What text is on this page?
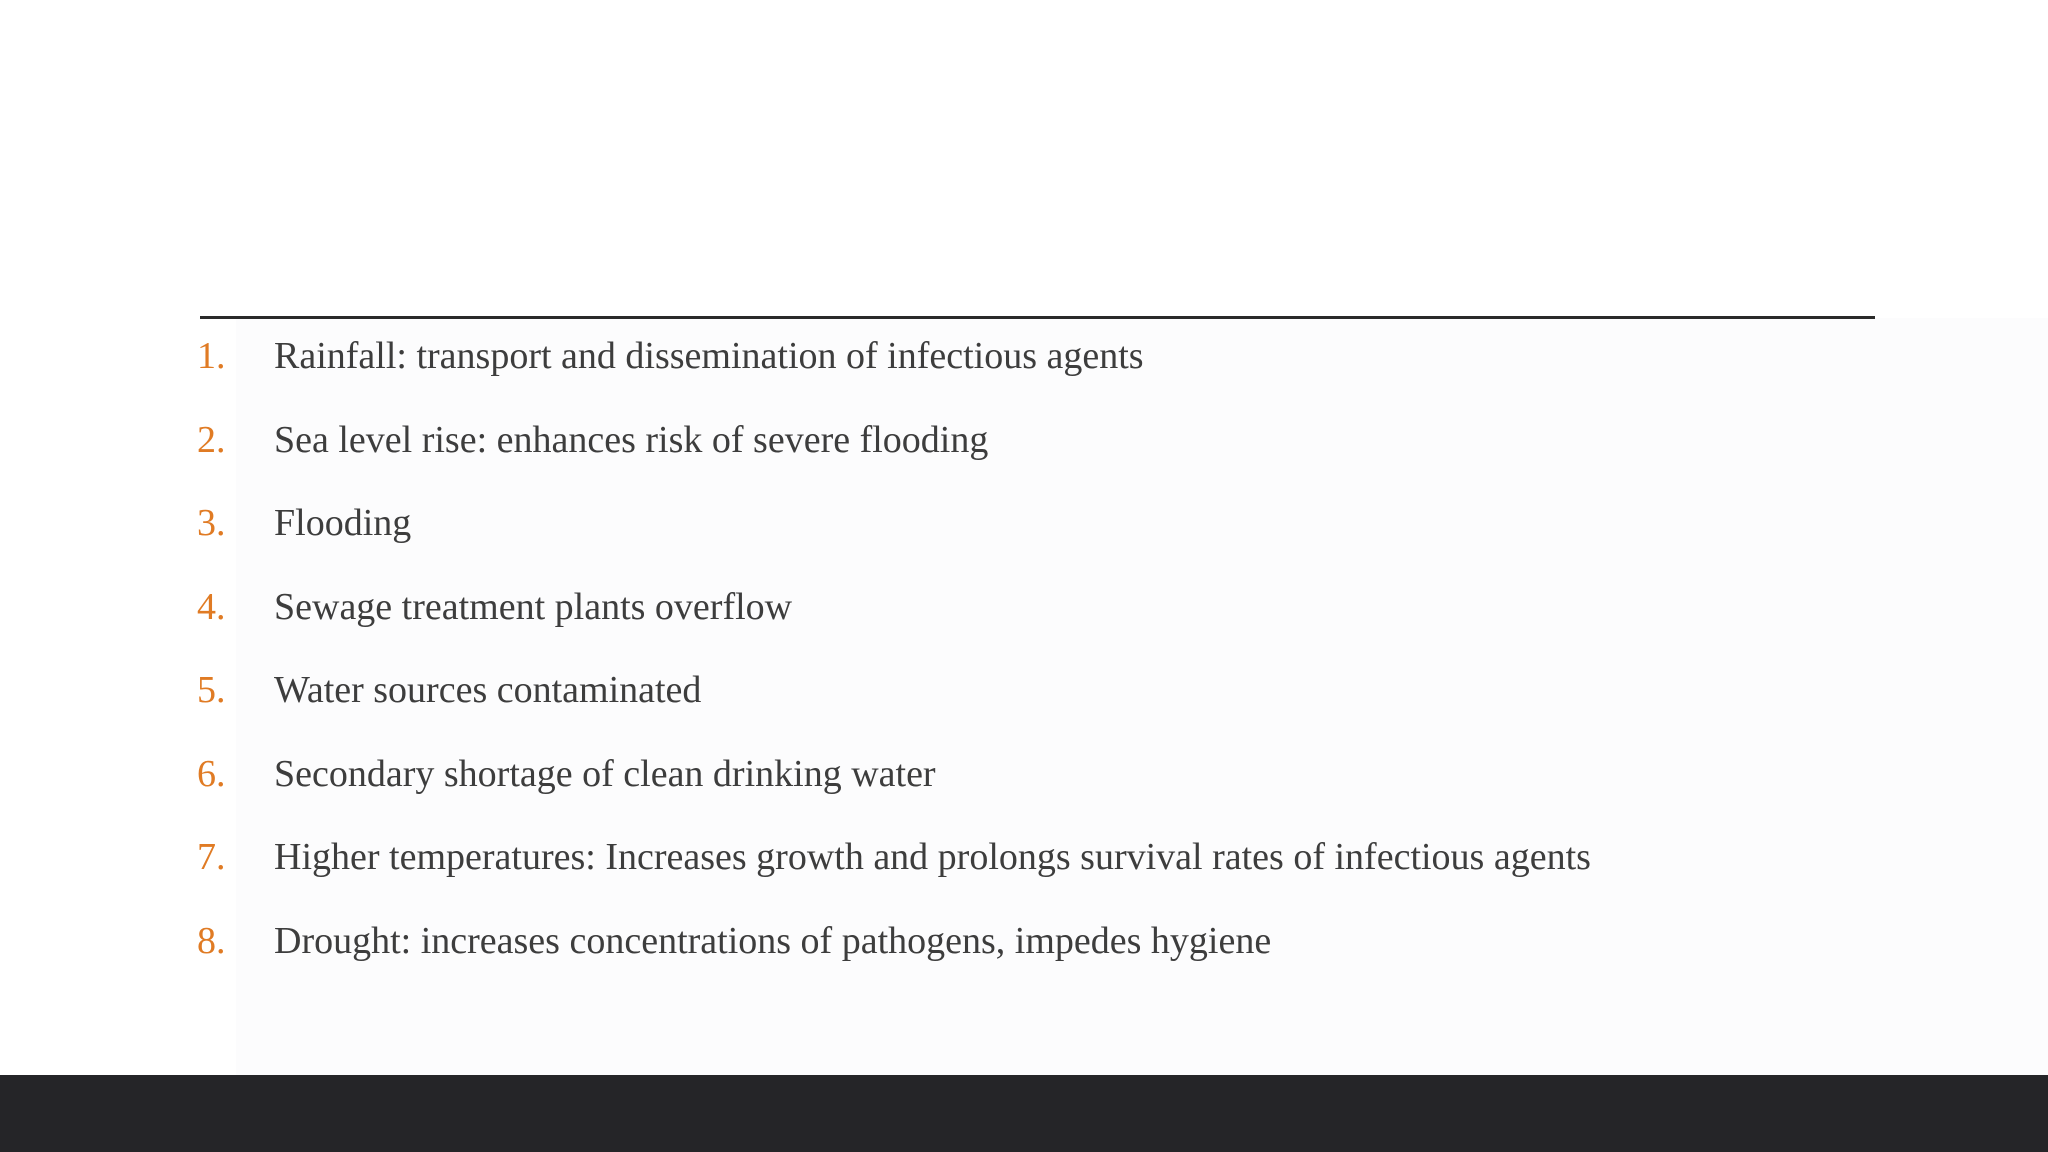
1. Rainfall: transport and dissemination of infectious agents
2. Sea level rise: enhances risk of severe flooding
3. Flooding
4. Sewage treatment plants overflow
5. Water sources contaminated
6. Secondary shortage of clean drinking water
7. Higher temperatures: Increases growth and prolongs survival rates of infectious agents
8. Drought: increases concentrations of pathogens, impedes hygiene
